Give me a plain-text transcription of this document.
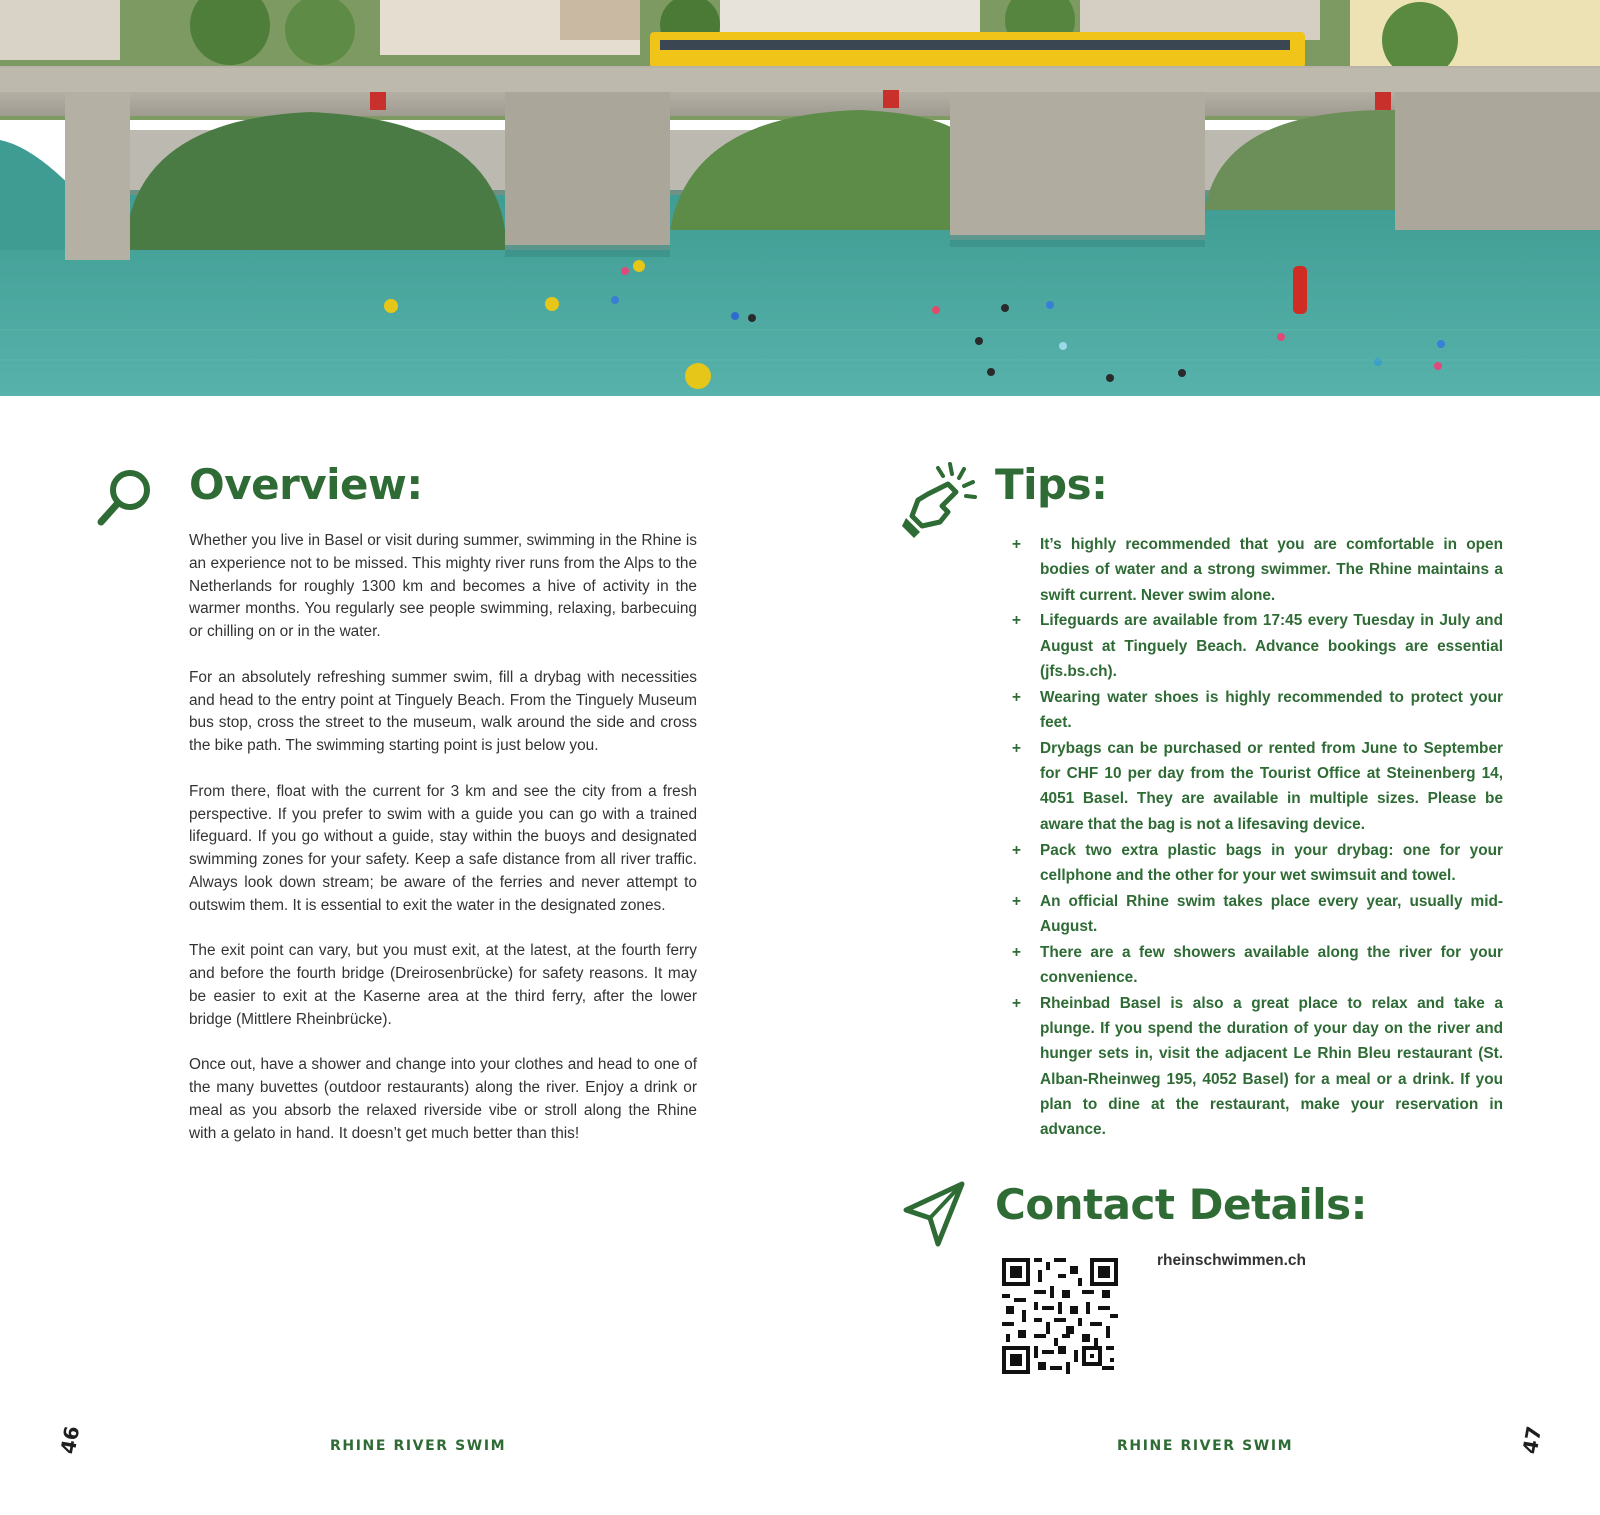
Overview:

Whether you live in Basel or visit during summer, swimming in the Rhine is an experience not to be missed. This mighty river runs from the Alps to the Netherlands for roughly 1300 km and becomes a hive of activity in the warmer months. You regularly see people swimming, relaxing, barbecuing or chilling on or in the water.

For an absolutely refreshing summer swim, fill a drybag with necessities and head to the entry point at Tinguely Beach. From the Tinguely Museum bus stop, cross the street to the museum, walk around the side and cross the bike path. The swimming starting point is just below you.

From there, float with the current for 3 km and see the city from a fresh perspective. If you prefer to swim with a guide you can go with a trained lifeguard. If you go without a guide, stay within the buoys and designated swimming zones for your safety. Keep a safe distance from all river traffic. Always look down stream; be aware of the ferries and never attempt to outswim them. It is essential to exit the water in the designated zones.

The exit point can vary, but you must exit, at the latest, at the fourth ferry and before the fourth bridge (Dreirosenbrücke) for safety reasons. It may be easier to exit at the Kaserne area at the third ferry, after the lower bridge (Mittlere Rheinbrücke).

Once out, have a shower and change into your clothes and head to one of the many buvettes (outdoor restaurants) along the river. Enjoy a drink or meal as you absorb the relaxed riverside vibe or stroll along the Rhine with a gelato in hand. It doesn’t get much better than this!

Tips:
+ It’s highly recommended that you are comfortable in open bodies of water and a strong swimmer. The Rhine maintains a swift current. Never swim alone.
+ Lifeguards are available from 17:45 every Tuesday in July and August at Tinguely Beach. Advance bookings are essential (jfs.bs.ch).
+ Wearing water shoes is highly recommended to protect your feet.
+ Drybags can be purchased or rented from June to September for CHF 10 per day from the Tourist Office at Steinenberg 14, 4051 Basel. They are available in multiple sizes. Please be aware that the bag is not a lifesaving device.
+ Pack two extra plastic bags in your drybag: one for your cellphone and the other for your wet swimsuit and towel.
+ An official Rhine swim takes place every year, usually mid-August.
+ There are a few showers available along the river for your convenience.
+ Rheinbad Basel is also a great place to relax and take a plunge. If you spend the duration of your day on the river and hunger sets in, visit the adjacent Le Rhin Bleu restaurant (St. Alban-Rheinweg 195, 4052 Basel) for a meal or a drink. If you plan to dine at the restaurant, make your reservation in advance.
Contact Details:
rheinschwimmen.ch
46	RHINE RIVER SWIM	RHINE RIVER SWIM	47
